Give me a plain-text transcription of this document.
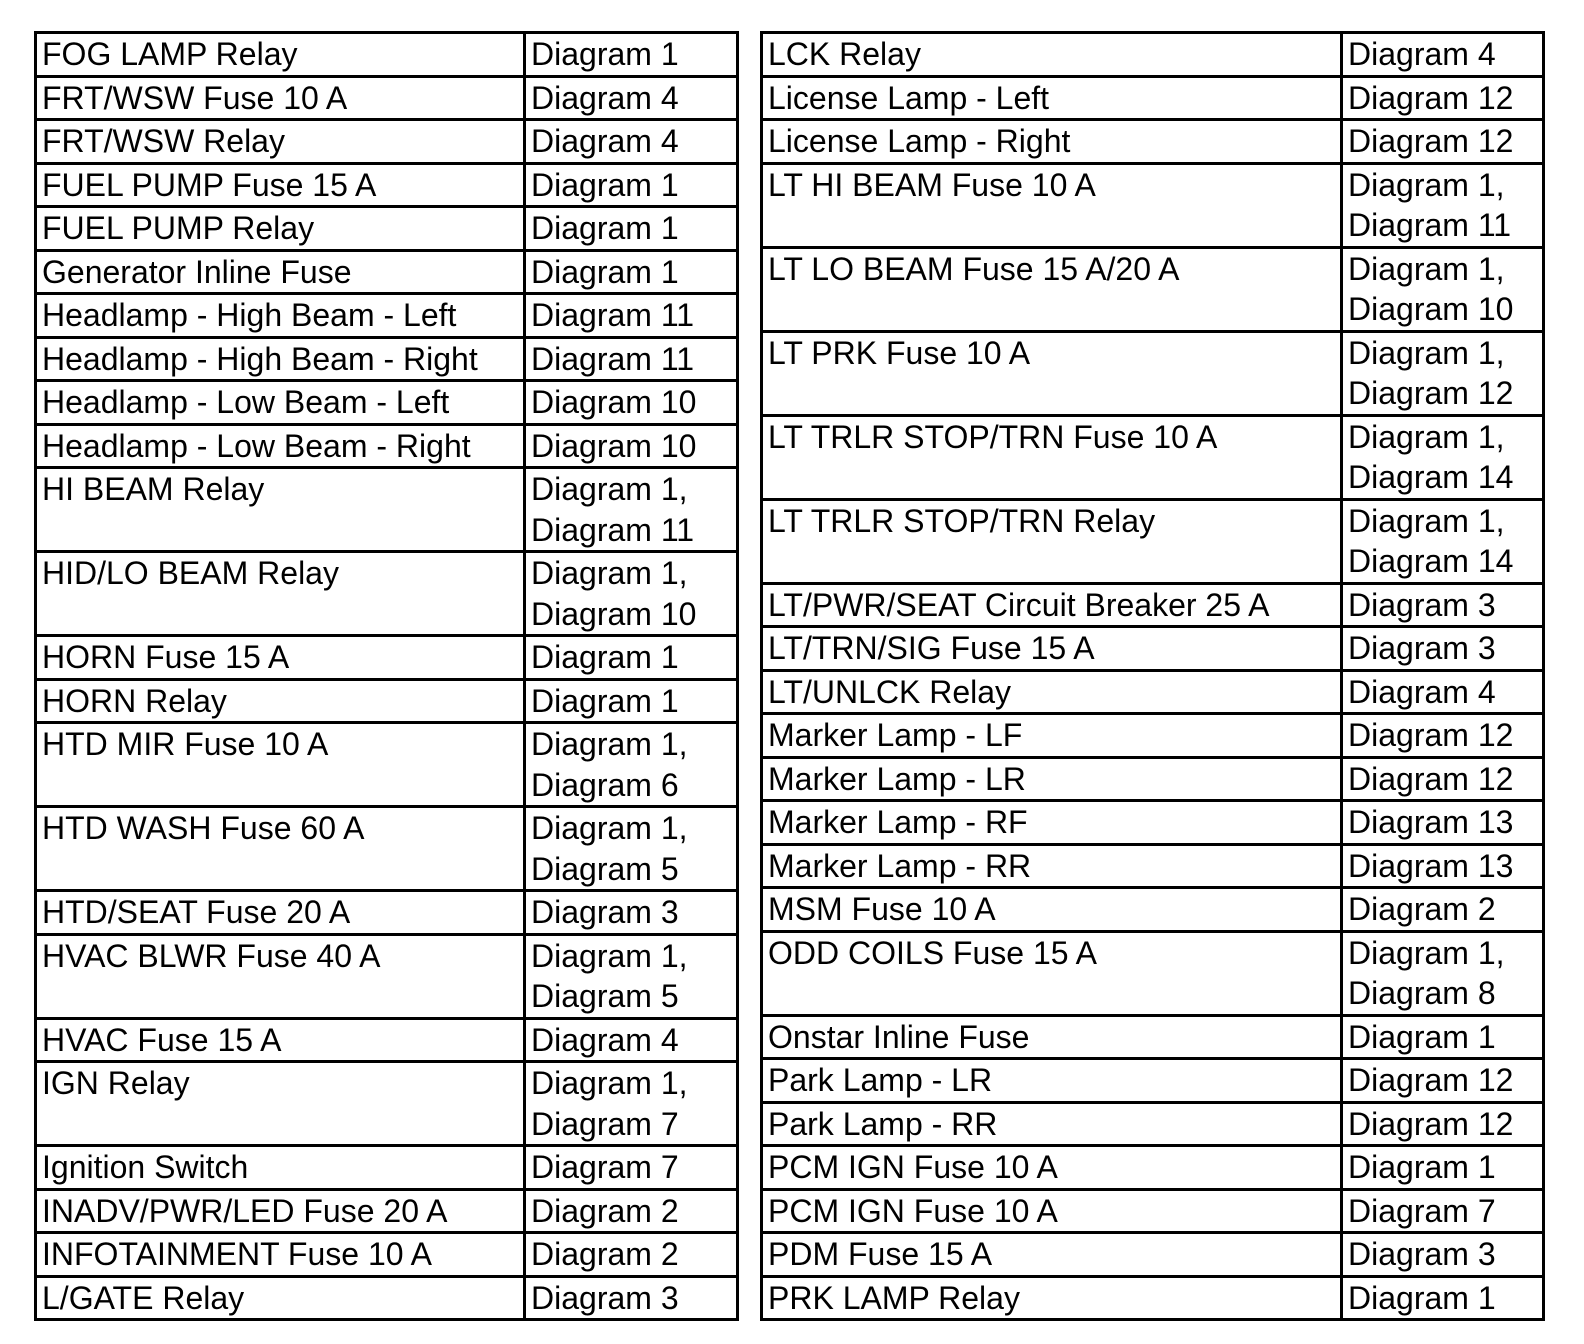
FOG LAMP Relay	Diagram 1

FRT/WSW Fuse 10 A	Diagram 4

FRT/WSW Relay	Diagram 4

FUEL PUMP Fuse 15 A	Diagram 1

FUEL PUMP Relay	Diagram 1

Generator Inline Fuse	Diagram 1

Headlamp - High Beam - Left	Diagram 11

Headlamp - High Beam - Right	Diagram 11

Headlamp - Low Beam - Left	Diagram 10

Headlamp - Low Beam - Right	Diagram 10

HI BEAM Relay	Diagram 1,
Diagram 11

HID/LO BEAM Relay	Diagram 1,
Diagram 10

HORN Fuse 15 A	Diagram 1

HORN Relay	Diagram 1

HTD MIR Fuse 10 A	Diagram 1,
Diagram 6

HTD WASH Fuse 60 A	Diagram 1,
Diagram 5

HTD/SEAT Fuse 20 A	Diagram 3

HVAC BLWR Fuse 40 A	Diagram 1,
Diagram 5

HVAC Fuse 15 A	Diagram 4

IGN Relay	Diagram 1,
Diagram 7

Ignition Switch	Diagram 7

INADV/PWR/LED Fuse 20 A	Diagram 2

INFOTAINMENT Fuse 10 A	Diagram 2

L/GATE Relay	Diagram 3
LCK Relay	Diagram 4

License Lamp - Left	Diagram 12

License Lamp - Right	Diagram 12

LT HI BEAM Fuse 10 A	Diagram 1,
Diagram 11

LT LO BEAM Fuse 15 A/20 A	Diagram 1,
Diagram 10

LT PRK Fuse 10 A	Diagram 1,
Diagram 12

LT TRLR STOP/TRN Fuse 10 A	Diagram 1,
Diagram 14

LT TRLR STOP/TRN Relay	Diagram 1,
Diagram 14

LT/PWR/SEAT Circuit Breaker 25 A	Diagram 3

LT/TRN/SIG Fuse 15 A	Diagram 3

LT/UNLCK Relay	Diagram 4

Marker Lamp - LF	Diagram 12

Marker Lamp - LR	Diagram 12

Marker Lamp - RF	Diagram 13

Marker Lamp - RR	Diagram 13

MSM Fuse 10 A	Diagram 2

ODD COILS Fuse 15 A	Diagram 1,
Diagram 8

Onstar Inline Fuse	Diagram 1

Park Lamp - LR	Diagram 12

Park Lamp - RR	Diagram 12

PCM IGN Fuse 10 A	Diagram 1

PCM IGN Fuse 10 A	Diagram 7

PDM Fuse 15 A	Diagram 3

PRK LAMP Relay	Diagram 1
